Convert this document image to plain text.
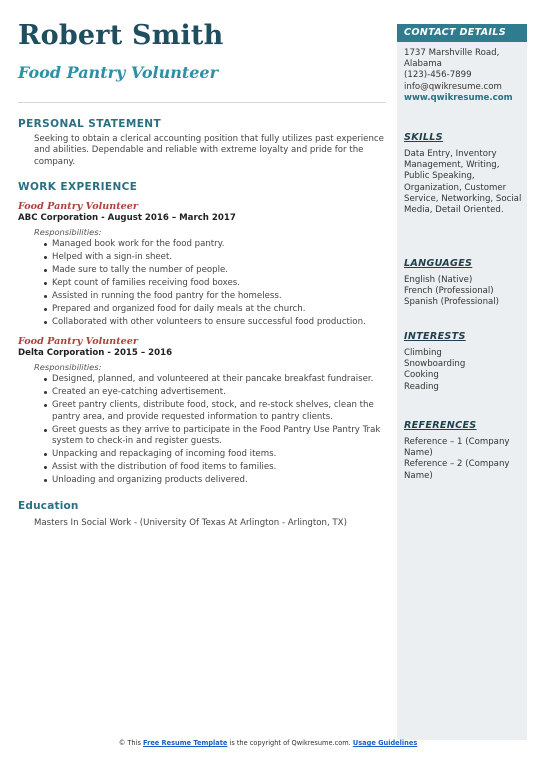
Robert Smith
Food Pantry Volunteer
PERSONAL STATEMENT
Seeking to obtain a clerical accounting position that fully utilizes past experience and abilities. Dependable and reliable with extreme loyalty and pride for the company.
WORK EXPERIENCE
Food Pantry Volunteer
ABC Corporation - August 2016 – March 2017
Responsibilities:
Managed book work for the food pantry.
Helped with a sign-in sheet.
Made sure to tally the number of people.
Kept count of families receiving food boxes.
Assisted in running the food pantry for the homeless.
Prepared and organized food for daily meals at the church.
Collaborated with other volunteers to ensure successful food production.
Food Pantry Volunteer
Delta Corporation - 2015 – 2016
Responsibilities:
Designed, planned, and volunteered at their pancake breakfast fundraiser.
Created an eye-catching advertisement.
Greet pantry clients, distribute food, stock, and re-stock shelves, clean the pantry area, and provide requested information to pantry clients.
Greet guests as they arrive to participate in the Food Pantry Use Pantry Trak system to check-in and register guests.
Unpacking and repackaging of incoming food items.
Assist with the distribution of food items to families.
Unloading and organizing products delivered.
Education
Masters In Social Work - (University Of Texas At Arlington - Arlington, TX)
CONTACT DETAILS
1737 Marshville Road, Alabama
(123)-456-7899
info@qwikresume.com
www.qwikresume.com
SKILLS
Data Entry, Inventory Management, Writing, Public Speaking, Organization, Customer Service, Networking, Social Media, Detail Oriented.
LANGUAGES
English (Native)
French (Professional)
Spanish (Professional)
INTERESTS
Climbing
Snowboarding
Cooking
Reading
REFERENCES
Reference – 1 (Company Name)
Reference – 2 (Company Name)
© This Free Resume Template is the copyright of Qwikresume.com. Usage Guidelines
